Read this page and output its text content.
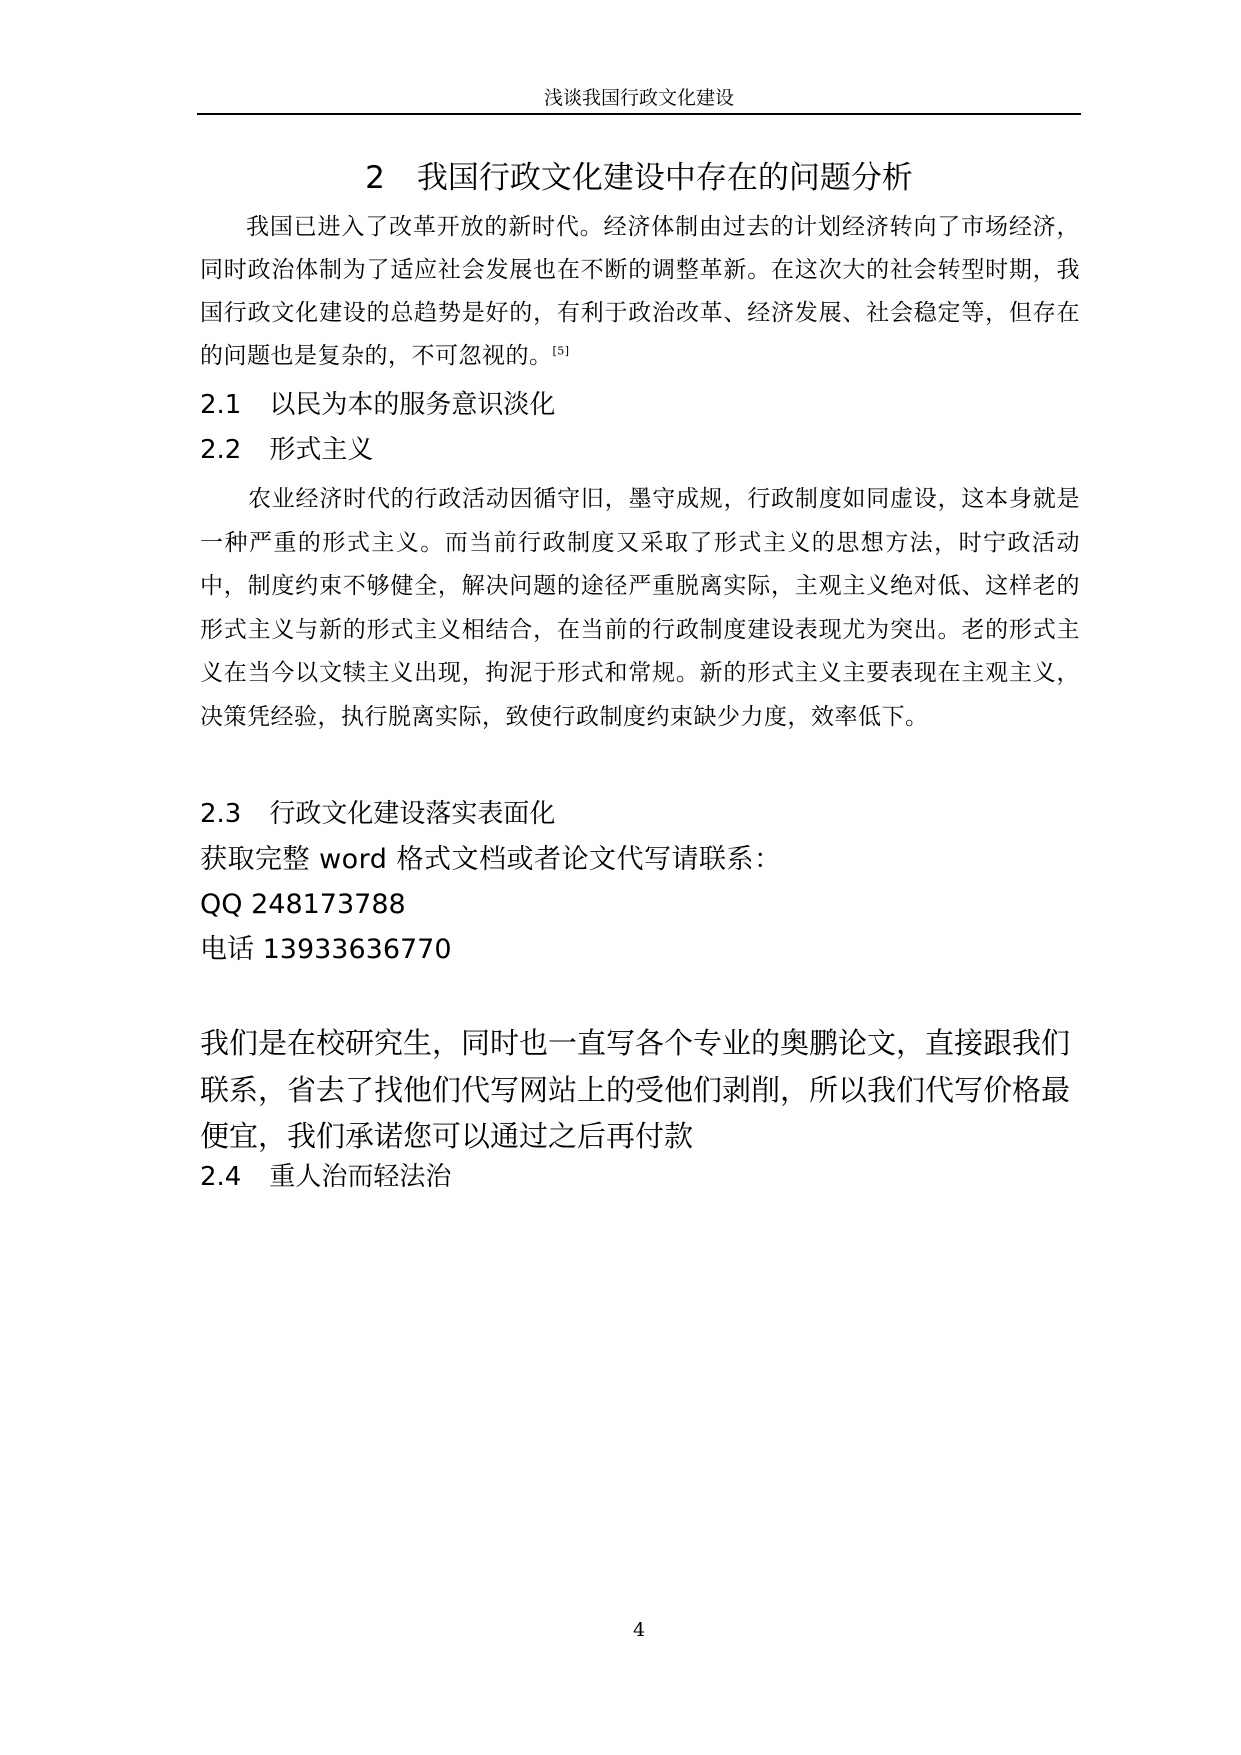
浅谈我国行政文化建设
2 我国行政文化建设中存在的问题分析
我国已进入了改革开放的新时代。经济体制由过去的计划经济转向了市场经济，同时政治体制为了适应社会发展也在不断的调整革新。在这次大的社会转型时期，我国行政文化建设的总趋势是好的，有利于政治改革、经济发展、社会稳定等，但存在的问题也是复杂的，不可忽视的。[5]
2.1 以民为本的服务意识淡化
2.2 形式主义
农业经济时代的行政活动因循守旧，墨守成规，行政制度如同虚设，这本身就是一种严重的形式主义。而当前行政制度又采取了形式主义的思想方法，时宁政活动中，制度约束不够健全，解决问题的途径严重脱离实际，主观主义绝对低、这样老的形式主义与新的形式主义相结合，在当前的行政制度建设表现尤为突出。老的形式主义在当今以文犊主义出现，拘泥于形式和常规。新的形式主义主要表现在主观主义，决策凭经验，执行脱离实际，致使行政制度约束缺少力度，效率低下。
2.3 行政文化建设落实表面化
获取完整 word 格式文档或者论文代写请联系：
QQ 248173788
电话 13933636770
我们是在校研究生，同时也一直写各个专业的奥鹏论文，直接跟我们联系，省去了找他们代写网站上的受他们剥削，所以我们代写价格最便宜，我们承诺您可以通过之后再付款
2.4 重人治而轻法治
4
